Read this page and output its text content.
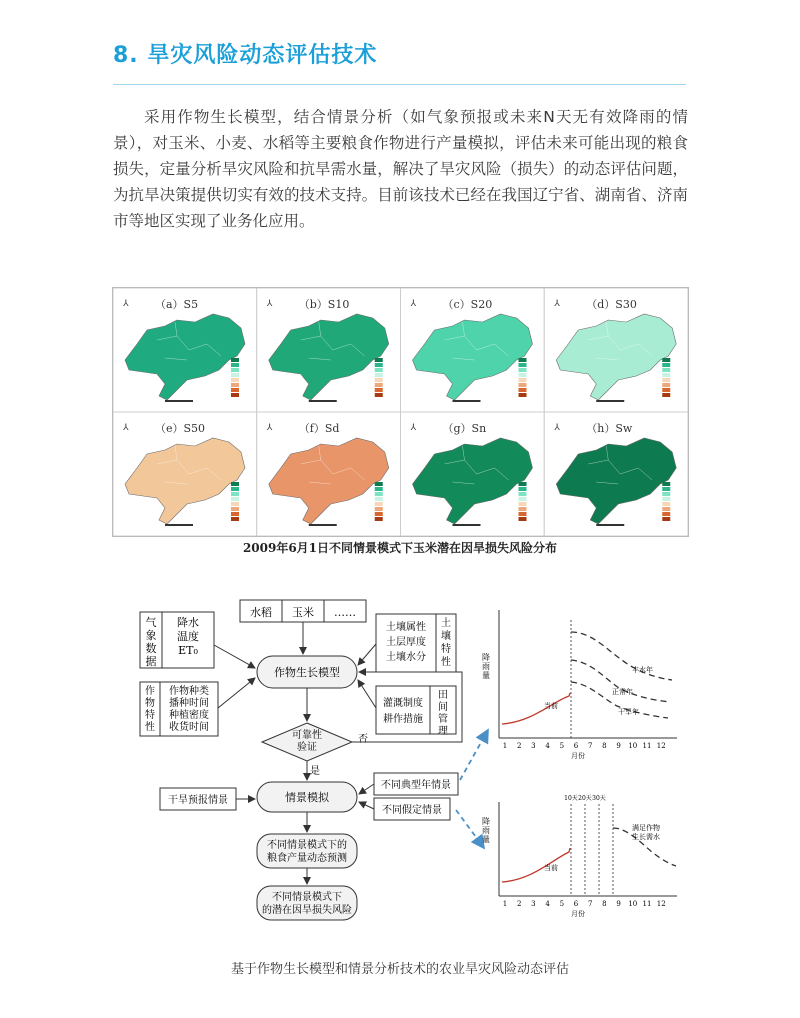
8. 旱灾风险动态评估技术
采用作物生长模型，结合情景分析（如气象预报或未来N天无有效降雨的情景），对玉米、小麦、水稻等主要粮食作物进行产量模拟，评估未来可能出现的粮食损失，定量分析旱灾风险和抗旱需水量，解决了旱灾风险（损失）的动态评估问题，为抗旱决策提供切实有效的技术支持。目前该技术已经在我国辽宁省、湖南省、济南市等地区实现了业务化应用。
（a）S5
⅄	（b）S10
⅄	（c）S20
⅄	（d）S30
⅄
（e）S50
⅄	（f）Sd
⅄	（g）Sn
⅄	（h）Sw
⅄
2009年6月1日不同情景模式下玉米潜在因旱损失风险分布
水稻 玉米 ……
气象数据
降水温度 ET₀
土壤属性土层厚度土壤水分
土壤特性
作物生长模型
作物特性
作物种类播种时间种植密度收货时间
灌溉制度耕作措施
田间管理
可靠性验证
否
是
干旱预报情景	情景模拟
不同典型年情景
不同假定情景
不同情景模式下的粮食产量动态预测
不同情景模式下的潜在因旱损失风险
降雨量
月份
1 2 3 4 5 6 7 8 9 10 11 12
当前
丰水年
正常年
干旱年
降雨量
月份
1 2 3 4 5 6 7 8 9 10 11 12
10天 20天 30天
当前
满足作物生长需水
基于作物生长模型和情景分析技术的农业旱灾风险动态评估
